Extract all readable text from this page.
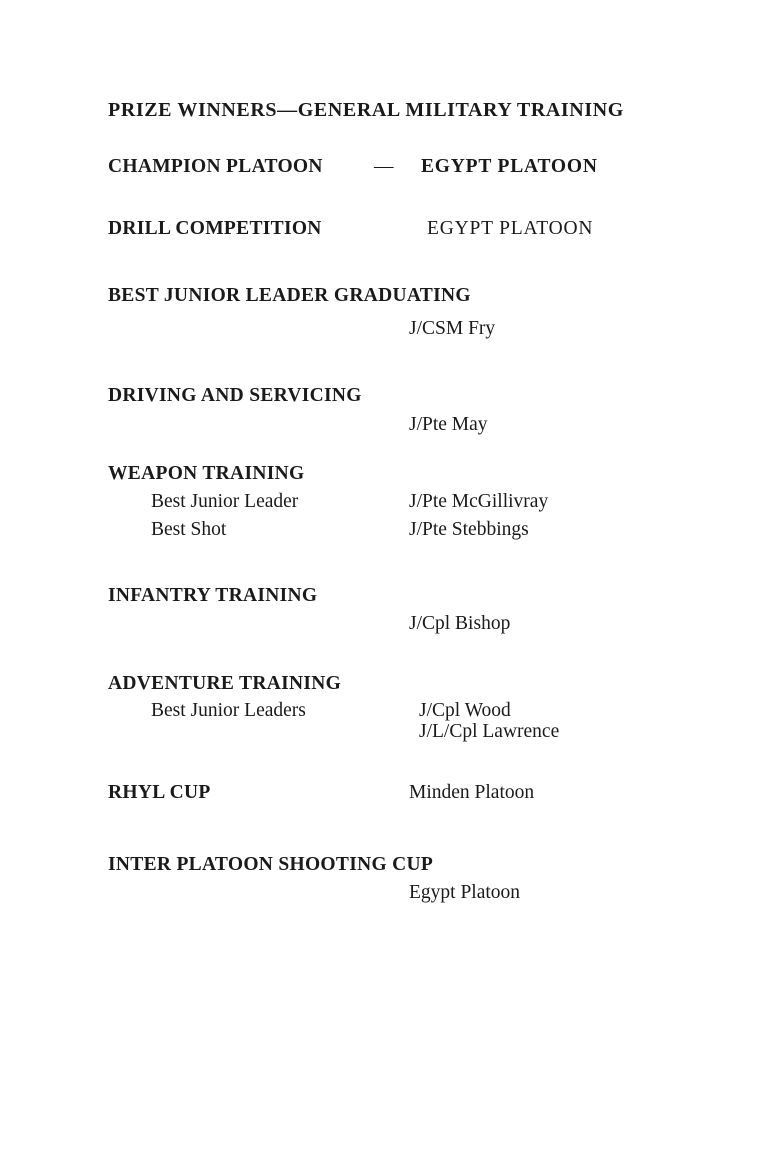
PRIZE WINNERS—GENERAL MILITARY TRAINING
CHAMPION PLATOON	— EGYPT PLATOON
DRILL COMPETITION	EGYPT PLATOON
BEST JUNIOR LEADER GRADUATING
J/CSM Fry
DRIVING AND SERVICING
J/Pte May
WEAPON TRAINING
Best Junior Leader	J/Pte McGillivray
Best Shot	J/Pte Stebbings
INFANTRY TRAINING
J/Cpl Bishop
ADVENTURE TRAINING
Best Junior Leaders	J/Cpl Wood
J/L/Cpl Lawrence
RHYL CUP	Minden Platoon
INTER PLATOON SHOOTING CUP
Egypt Platoon
